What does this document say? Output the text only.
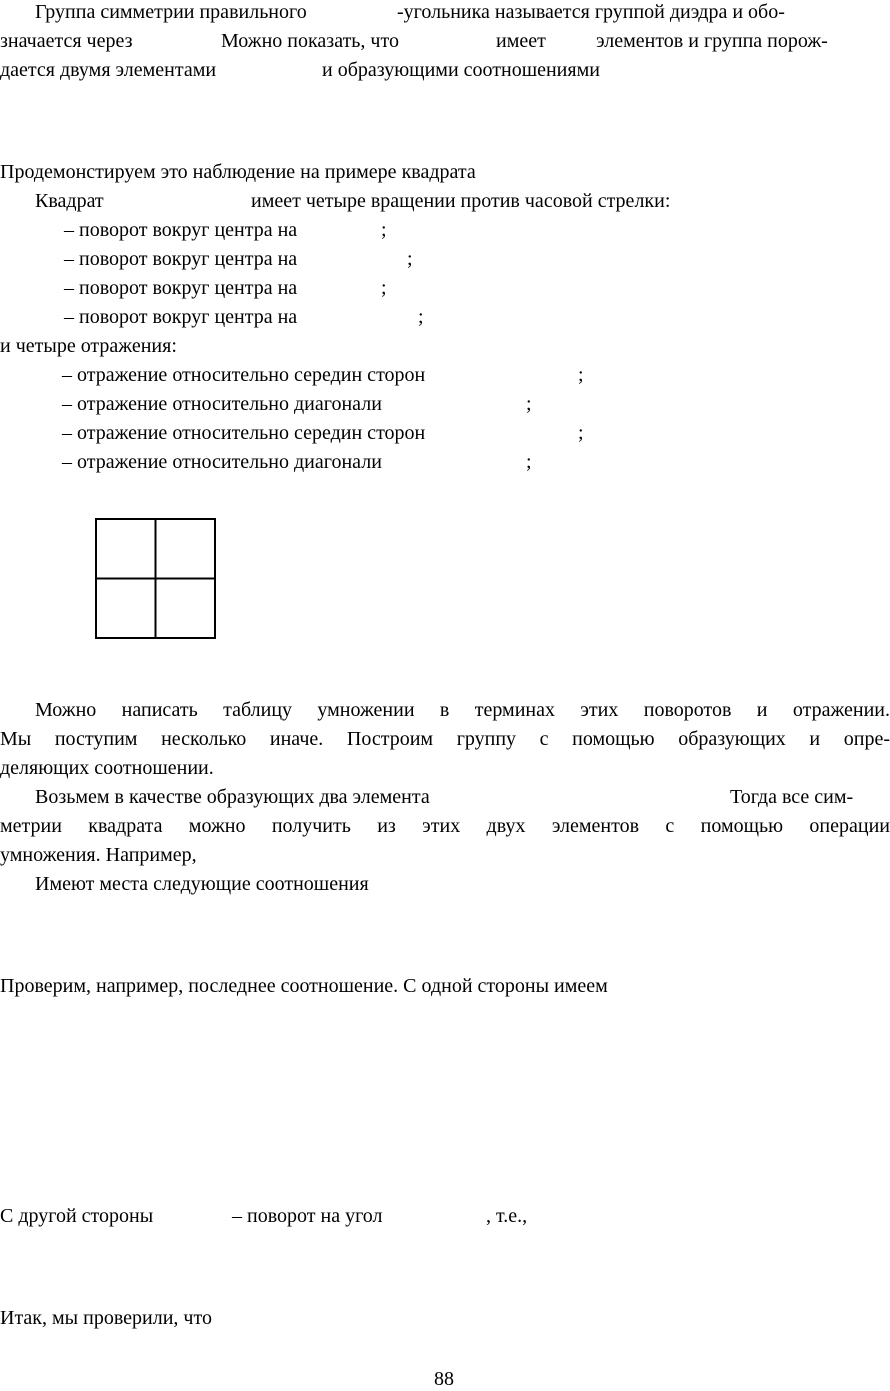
Группа симметрии правильного	-угольника называется группой диэдра и обо-
значается через	Можно показать, что	имеет	элементов и группа порож-
дается двумя элементами	и образующими соотношениями
Продемонстируем это наблюдение на примере квадрата
Квадрат	имеет четыре вращении против часовой стрелки:
– поворот вокруг центра на	;
– поворот вокруг центра на	;
– поворот вокруг центра на	;
– поворот вокруг центра на	;
и четыре отражения:
– отражение относительно середин сторон	;
– отражение относительно диагонали	;
– отражение относительно середин сторон	;
– отражение относительно диагонали	;
Можно написать таблицу умножении в терминах этих поворотов и отражении.
Мы поступим несколько иначе. Построим группу с помощью образующих и опре-
деляющих соотношении.
Возьмем в качестве образующих два элемента	Тогда все сим-
метрии квадрата можно получить из этих двух элементов с помощью операции
умножения. Например,
Имеют места следующие соотношения
Проверим, например, последнее соотношение. С одной стороны имеем
С другой стороны	– поворот на угол	, т.е.,
Итак, мы проверили, что
88
